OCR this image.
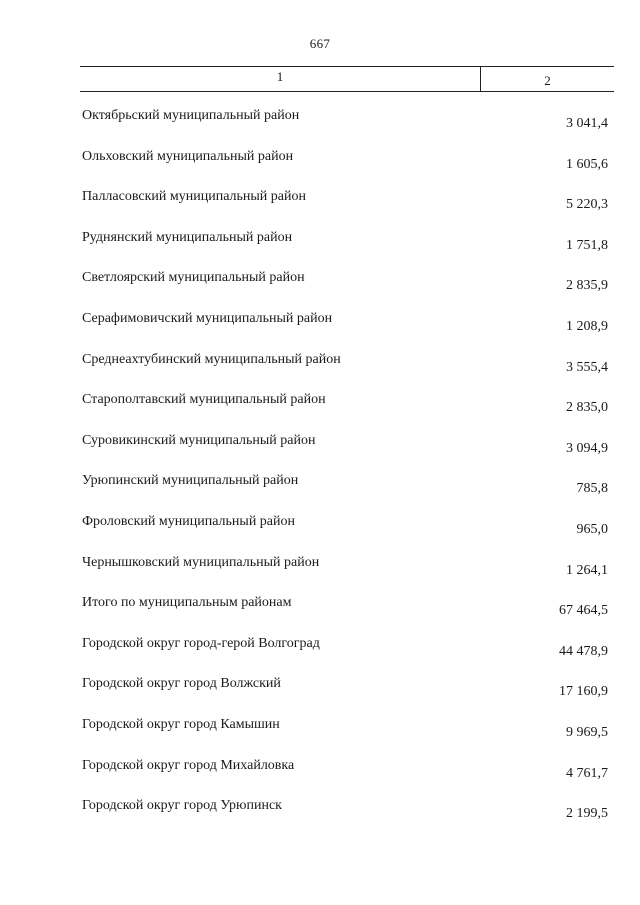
667
1	2
Октябрьский муниципальный район
3 041,4
Ольховский муниципальный район
1 605,6
Палласовский муниципальный район
5 220,3
Руднянский муниципальный район
1 751,8
Светлоярский муниципальный район
2 835,9
Серафимовичский муниципальный район
1 208,9
Среднеахтубинский муниципальный район
3 555,4
Старополтавский муниципальный район
2 835,0
Суровикинский муниципальный район
3 094,9
Урюпинский муниципальный район
785,8
Фроловский муниципальный район
965,0
Чернышковский муниципальный район
1 264,1
Итого по муниципальным районам
67 464,5
Городской округ город-герой Волгоград
44 478,9
Городской округ город Волжский
17 160,9
Городской округ город Камышин
9 969,5
Городской округ город Михайловка
4 761,7
Городской округ город Урюпинск
2 199,5
